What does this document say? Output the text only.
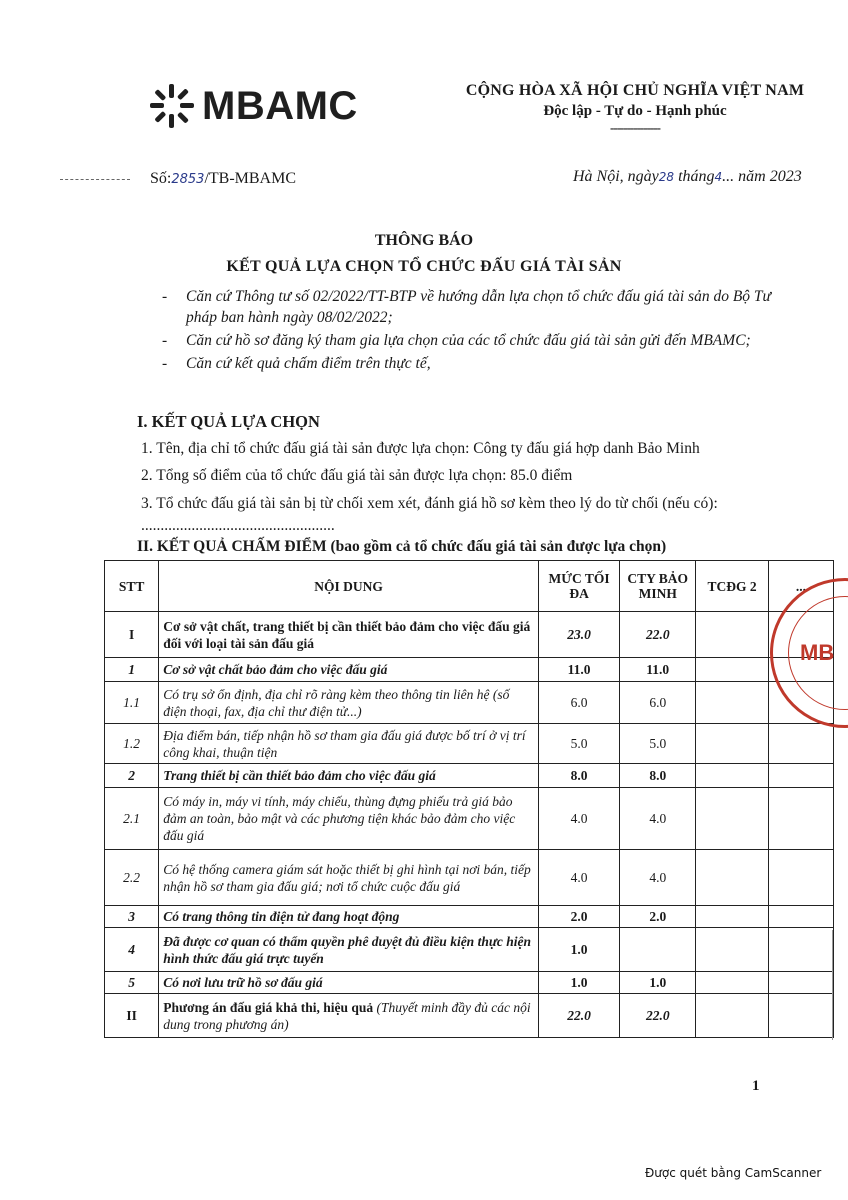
MBAMC	CỘNG HÒA XÃ HỘI CHỦ NGHĨA VIỆT NAM
Độc lập - Tự do - Hạnh phúc
---------------
Số:2853/TB-MBAMC	Hà Nội, ngày28 tháng4... năm 2023
THÔNG BÁO
KẾT QUẢ LỰA CHỌN TỔ CHỨC ĐẤU GIÁ TÀI SẢN
- Căn cứ Thông tư số 02/2022/TT-BTP về hướng dẫn lựa chọn tổ chức đấu giá tài sản do Bộ Tư pháp ban hành ngày 08/02/2022;
- Căn cứ hồ sơ đăng ký tham gia lựa chọn của các tổ chức đấu giá tài sản gửi đến MBAMC;
- Căn cứ kết quả chấm điểm trên thực tế,
I. KẾT QUẢ LỰA CHỌN
1. Tên, địa chỉ tổ chức đấu giá tài sản được lựa chọn: Công ty đấu giá hợp danh Bảo Minh
2. Tổng số điểm của tổ chức đấu giá tài sản được lựa chọn: 85.0 điểm
3. Tổ chức đấu giá tài sản bị từ chối xem xét, đánh giá hồ sơ kèm theo lý do từ chối (nếu có): ..................................................
II. KẾT QUẢ CHẤM ĐIỂM (bao gồm cả tổ chức đấu giá tài sản được lựa chọn)
STT	NỘI DUNG	MỨC TỐI ĐA	CTY BẢO MINH	TCĐG 2	...
I	Cơ sở vật chất, trang thiết bị cần thiết bảo đảm cho việc đấu giá đối với loại tài sản đấu giá	23.0	22.0		
1	Cơ sở vật chất bảo đảm cho việc đấu giá	11.0	11.0		
1.1	Có trụ sở ổn định, địa chỉ rõ ràng kèm theo thông tin liên hệ (số điện thoại, fax, địa chỉ thư điện tử...)	6.0	6.0		
1.2	Địa điểm bán, tiếp nhận hồ sơ tham gia đấu giá được bố trí ở vị trí công khai, thuận tiện	5.0	5.0		
2	Trang thiết bị cần thiết bảo đảm cho việc đấu giá	8.0	8.0		
2.1	Có máy in, máy vi tính, máy chiếu, thùng đựng phiếu trả giá bảo đảm an toàn, bảo mật và các phương tiện khác bảo đảm cho việc đấu giá	4.0	4.0		
2.2	Có hệ thống camera giám sát hoặc thiết bị ghi hình tại nơi bán, tiếp nhận hồ sơ tham gia đấu giá; nơi tổ chức cuộc đấu giá	4.0	4.0		
3	Có trang thông tin điện tử đang hoạt động	2.0	2.0		
4	Đã được cơ quan có thẩm quyền phê duyệt đủ điều kiện thực hiện hình thức đấu giá trực tuyến	1.0			
5	Có nơi lưu trữ hồ sơ đấu giá	1.0	1.0		
II	Phương án đấu giá khả thi, hiệu quả (Thuyết minh đầy đủ các nội dung trong phương án)	22.0	22.0		
MB
1
Được quét bằng CamScanner
